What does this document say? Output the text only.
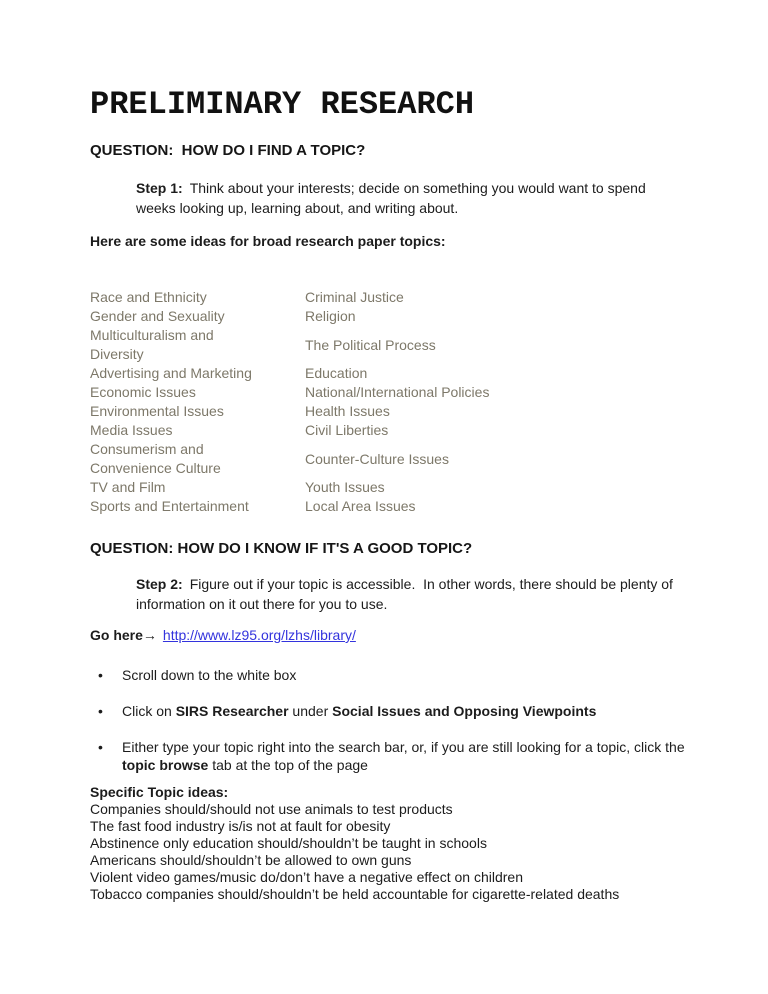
PRELIMINARY RESEARCH
QUESTION:  HOW DO I FIND A TOPIC?

Step 1: Think about your interests; decide on something you would want to spend weeks looking up, learning about, and writing about.

Here are some ideas for broad research paper topics:
Race and Ethnicity	Criminal Justice
Gender and Sexuality	Religion
Multiculturalism and Diversity	The Political Process
Advertising and Marketing	Education
Economic Issues	National/International Policies
Environmental Issues	Health Issues
Media Issues	Civil Liberties
Consumerism and Convenience Culture	Counter-Culture Issues
TV and Film	Youth Issues
Sports and Entertainment	Local Area Issues
QUESTION: HOW DO I KNOW IF IT'S A GOOD TOPIC?

Step 2: Figure out if your topic is accessible.  In other words, there should be plenty of information on it out there for you to use.

Go here→ http://www.lz95.org/lzhs/library/
• Scroll down to the white box
• Click on SIRS Researcher under Social Issues and Opposing Viewpoints
• Either type your topic right into the search bar, or, if you are still looking for a topic, click the topic browse tab at the top of the page
Specific Topic ideas:
Companies should/should not use animals to test products
The fast food industry is/is not at fault for obesity
Abstinence only education should/shouldn’t be taught in schools
Americans should/shouldn’t be allowed to own guns
Violent video games/music do/don’t have a negative effect on children
Tobacco companies should/shouldn’t be held accountable for cigarette-related deaths
